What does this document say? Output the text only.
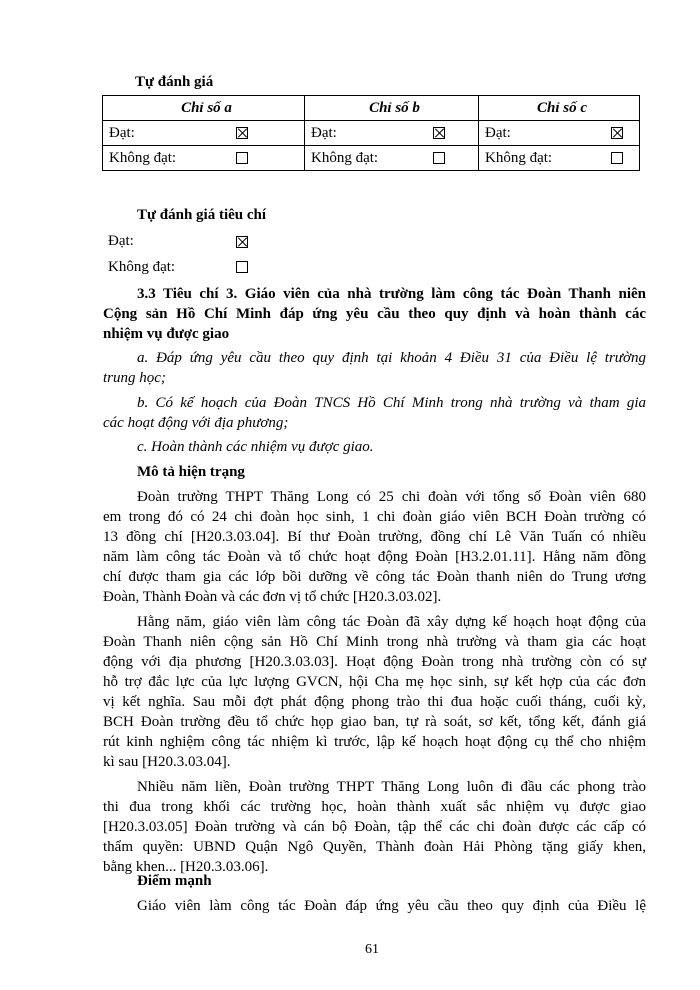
Tự đánh giá
Chỉ số a	Chỉ số b	Chỉ số c
Đạt:	Đạt:	Đạt:

Không đạt:	Không đạt:	Không đạt:
Tự đánh giá tiêu chí
Đạt:
Không đạt:
3.3 Tiêu chí 3. Giáo viên của nhà trường làm công tác Đoàn Thanh niên
Cộng sản Hồ Chí Minh đáp ứng yêu cầu theo quy định và hoàn thành các
nhiệm vụ được giao
a. Đáp ứng yêu cầu theo quy định tại khoản 4 Điều 31 của Điều lệ trường
trung học;
b. Có kế hoạch của Đoàn TNCS Hồ Chí Minh trong nhà trường và tham gia
các hoạt động với địa phương;
c. Hoàn thành các nhiệm vụ được giao.
Mô tả hiện trạng
Đoàn trường THPT Thăng Long có 25 chi đoàn với tổng số Đoàn viên 680
em trong đó có 24 chi đoàn học sinh, 1 chi đoàn giáo viên BCH Đoàn trường có
13 đồng chí [H20.3.03.04]. Bí thư Đoàn trường, đồng chí Lê Văn Tuấn có nhiều
năm làm công tác Đoàn và tổ chức hoạt động Đoàn [H3.2.01.11]. Hằng năm đồng
chí được tham gia các lớp bồi dưỡng về công tác Đoàn thanh niên do Trung ương
Đoàn, Thành Đoàn và các đơn vị tổ chức [H20.3.03.02].
Hằng năm, giáo viên làm công tác Đoàn đã xây dựng kế hoạch hoạt động của
Đoàn Thanh niên cộng sản Hồ Chí Minh trong nhà trường và tham gia các hoạt
động với địa phương [H20.3.03.03]. Hoạt động Đoàn trong nhà trường còn có sự
hỗ trợ đắc lực của lực lượng GVCN, hội Cha mẹ học sinh, sự kết hợp của các đơn
vị kết nghĩa. Sau mỗi đợt phát động phong trào thi đua hoặc cuối tháng, cuối kỳ,
BCH Đoàn trường đều tổ chức họp giao ban, tự rà soát, sơ kết, tổng kết, đánh giá
rút kinh nghiệm công tác nhiệm kì trước, lập kế hoạch hoạt động cụ thể cho nhiệm
kì sau [H20.3.03.04].
Nhiều năm liền, Đoàn trường THPT Thăng Long luôn đi đầu các phong trào
thi đua trong khối các trường học, hoàn thành xuất sắc nhiệm vụ được giao
[H20.3.03.05] Đoàn trường và cán bộ Đoàn, tập thể các chi đoàn được các cấp có
thẩm quyền: UBND Quận Ngô Quyền, Thành đoàn Hải Phòng tặng giấy khen,
bằng khen... [H20.3.03.06].
Điểm mạnh
Giáo viên làm công tác Đoàn đáp ứng yêu cầu theo quy định của Điều lệ
61
